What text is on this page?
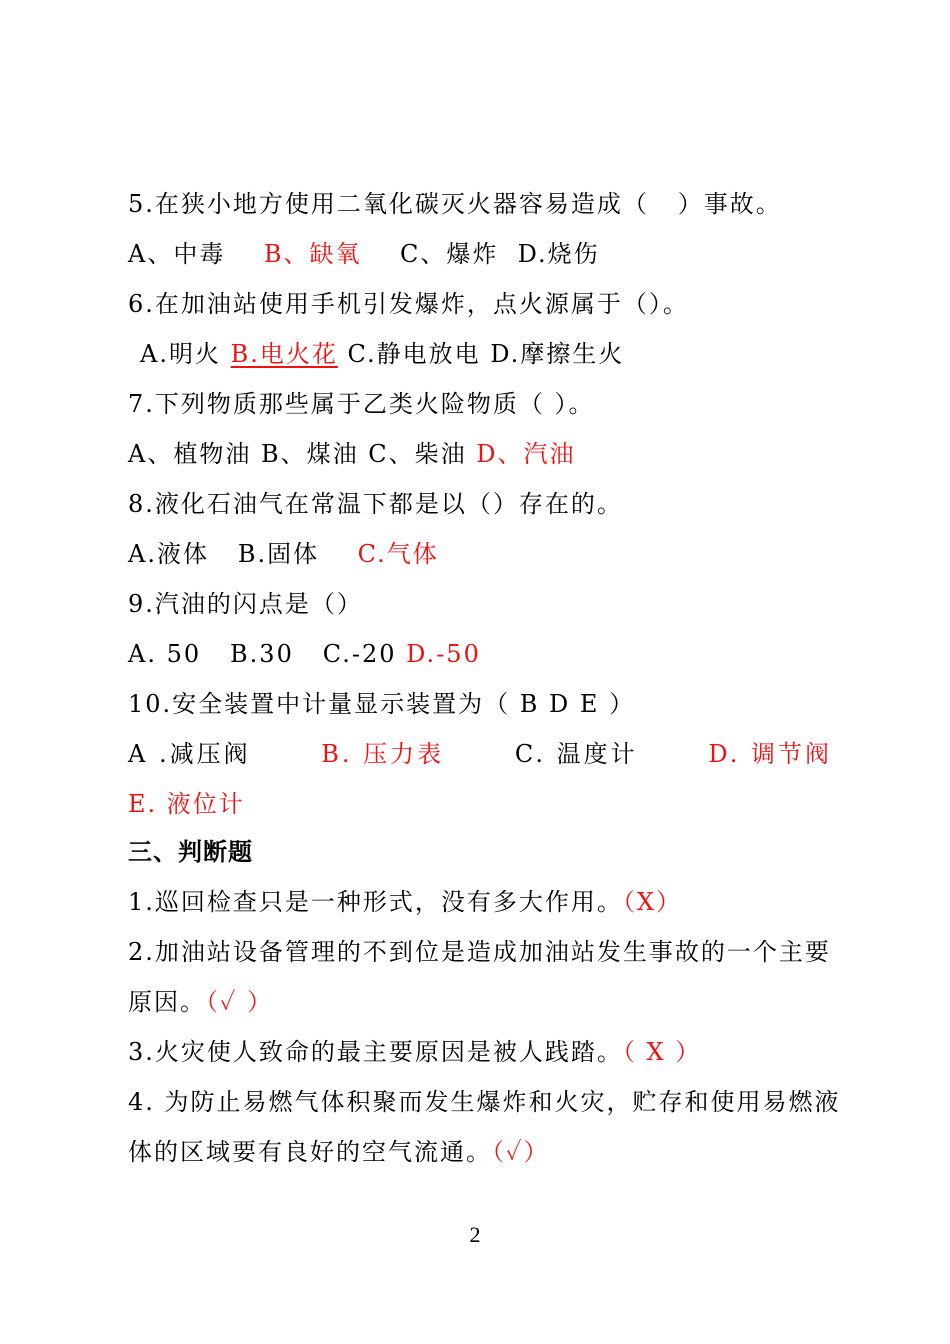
5.在狭小地方使用二氧化碳灭火器容易造成（   ）事故。
A、中毒 B、缺氧 C、爆炸 D.烧伤
6.在加油站使用手机引发爆炸，点火源属于（）。
A.明火 B.电火花 C.静电放电 D.摩擦生火
7.下列物质那些属于乙类火险物质（ ）。
A、植物油 B、煤油 C、柴油 D、汽油
8.液化石油气在常温下都是以（）存在的。
A.液体 B.固体 C.气体
9.汽油的闪点是（）
A. 50 B.30 C.-20 D.-50
10.安全装置中计量显示装置为（ B D E ）
A .减压阀	B. 压力表	C. 温度计	D. 调节阀
E. 液位计
三、判断题
1.巡回检查只是一种形式，没有多大作用。（X）
2.加油站设备管理的不到位是造成加油站发生事故的一个主要
原因。（✓ ）
3.火灾使人致命的最主要原因是被人践踏。（ X ）
4. 为防止易燃气体积聚而发生爆炸和火灾，贮存和使用易燃液
体的区域要有良好的空气流通。（✓）
2
